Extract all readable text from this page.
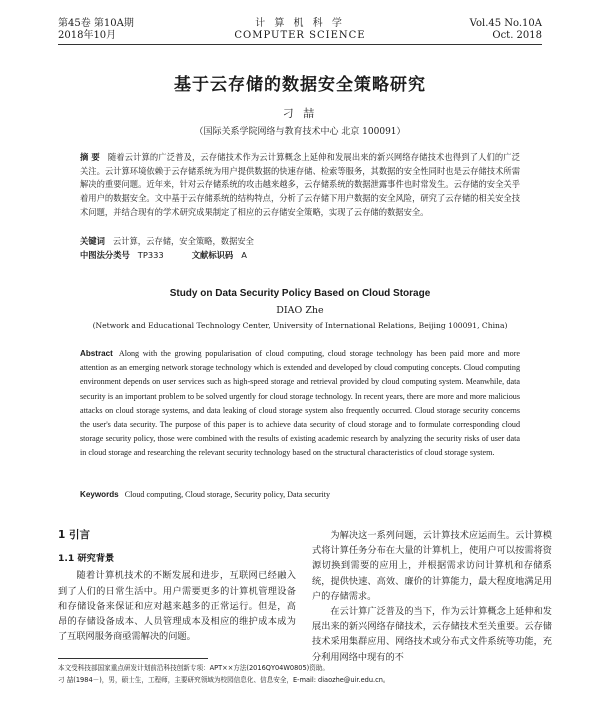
第45卷 第10A期
2018年10月
计 算 机 科 学
COMPUTER SCIENCE
Vol.45 No.10A
Oct. 2018
基于云存储的数据安全策略研究
刁 喆
（国际关系学院网络与教育技术中心 北京 100091）
摘 要 随着云计算的广泛普及，云存储技术作为云计算概念上延伸和发展出来的新兴网络存储技术也得到了人们的广泛关注。云计算环境依赖于云存储系统为用户提供数据的快速存储、检索等服务，其数据的安全性同时也是云存储技术所需解决的重要问题。近年来，针对云存储系统的攻击越来越多，云存储系统的数据泄露事件也时常发生。云存储的安全关乎着用户的数据安全。文中基于云存储系统的结构特点，分析了云存储下用户数据的安全风险，研究了云存储的相关安全技术问题，并结合现有的学术研究成果制定了相应的云存储安全策略，实现了云存储的数据安全。
关键词 云计算，云存储，安全策略，数据安全
中图法分类号 TP333	文献标识码 A
Study on Data Security Policy Based on Cloud Storage
DIAO Zhe
(Network and Educational Technology Center, University of International Relations, Beijing 100091, China)
Abstract Along with the growing popularisation of cloud computing, cloud storage technology has been paid more and more attention as an emerging network storage technology which is extended and developed by cloud computing concepts. Cloud computing environment depends on user services such as high-speed storage and retrieval provided by cloud computing system. Meanwhile, data security is an important problem to be solved urgently for cloud storage technology. In recent years, there are more and more malicious attacks on cloud storage systems, and data leaking of cloud storage system also frequently occurred. Cloud storage security concerns the user's data security. The purpose of this paper is to achieve data security of cloud storage and to formulate corresponding cloud storage security policy, those were combined with the results of existing academic research by analyzing the security risks of user data in cloud storage and researching the relevant security technology based on the structural characteristics of cloud storage system.
Keywords Cloud computing, Cloud storage, Security policy, Data security
1 引言
1.1 研究背景

随着计算机技术的不断发展和进步，互联网已经融入到了人们的日常生活中。用户需要更多的计算机管理设备和存储设备来保证和应对越来越多的正常运行。但是，高昂的存储设备成本、人员管理成本及相应的维护成本成为了互联网服务商亟需解决的问题。

为解决这一系列问题，云计算技术应运而生。云计算模式将计算任务分布在大量的计算机上，使用户可以按需将资源切换到需要的应用上，并根据需求访问计算机和存储系统，提供快速、高效、廉价的计算能力，最大程度地满足用户的存储需求。

在云计算广泛普及的当下，作为云计算概念上延伸和发展出来的新兴网络存储技术，云存储技术至关重要。云存储技术采用集群应用、网络技术或分布式文件系统等功能，充分利用网络中现有的不

本文受科技部国家重点研发计划前沿科技创新专项：APT××方法(2016QY04W0805)资助。
刁 喆(1984－)，男，硕士生，工程师，主要研究领域为校园信息化、信息安全，E-mail: diaozhe@uir.edu.cn。
